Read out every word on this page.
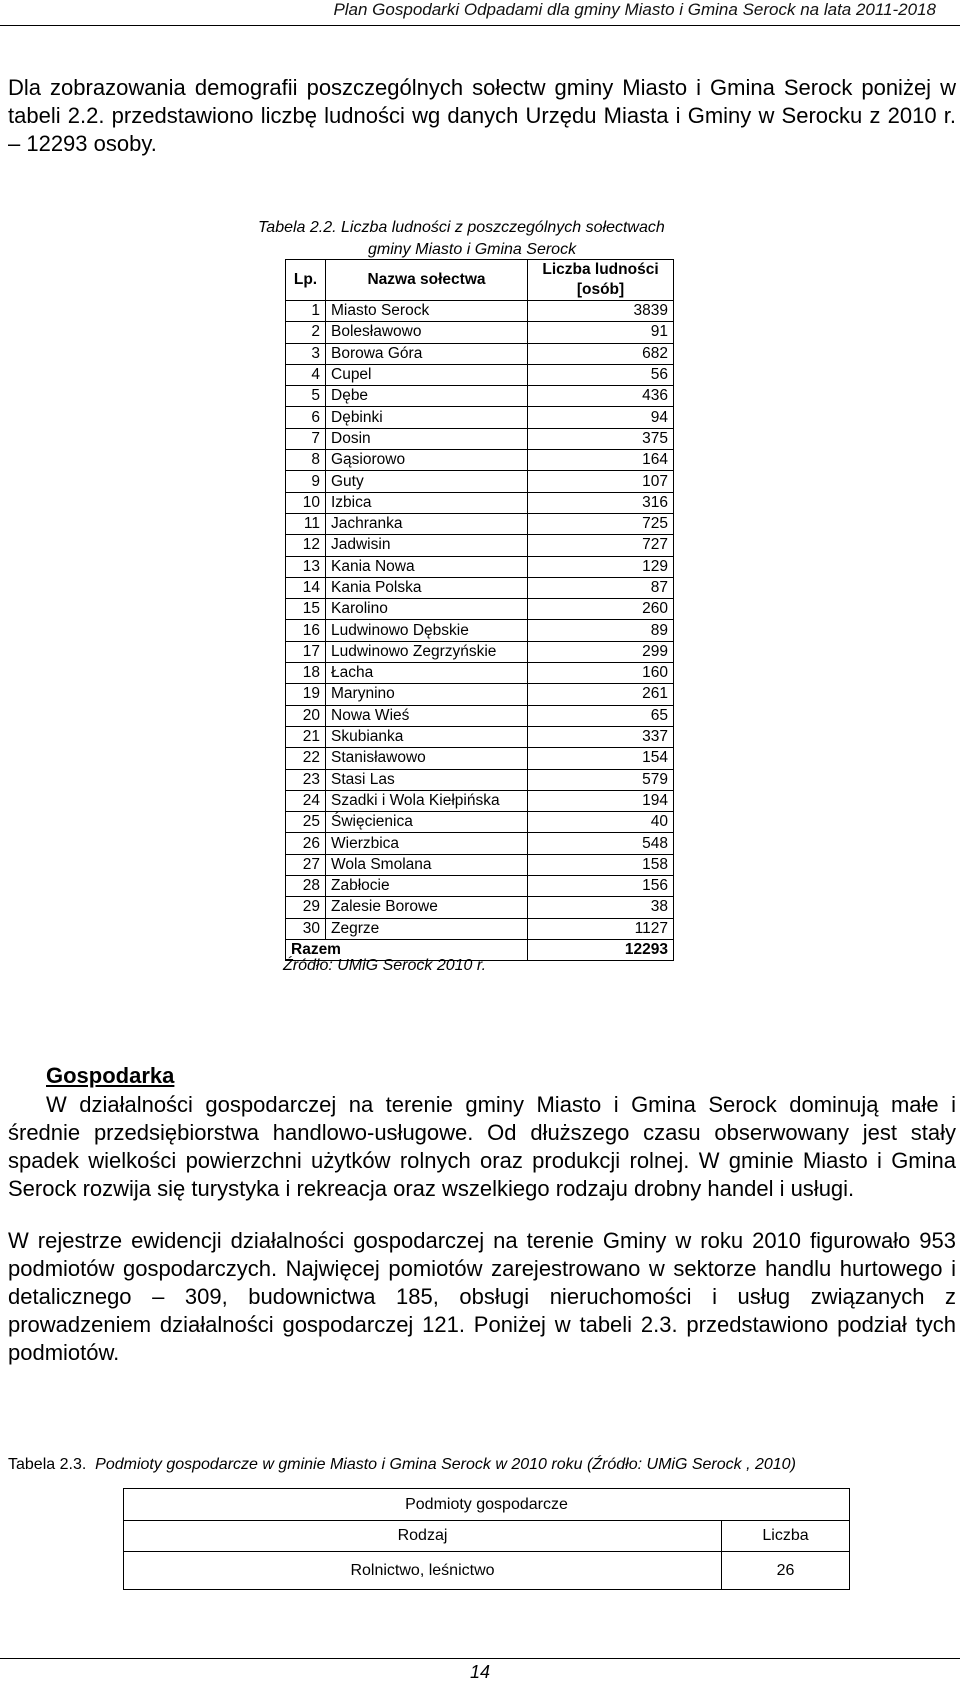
Plan Gospodarki Odpadami dla gminy Miasto i Gmina Serock na lata 2011-2018

Dla zobrazowania demografii poszczególnych sołectw gminy Miasto i Gmina Serock poniżej w tabeli 2.2. przedstawiono liczbę ludności wg danych Urzędu Miasta i Gminy w Serocku z 2010 r. – 12293 osoby.

Tabela 2.2. Liczba ludności z poszczególnych sołectwach
gminy Miasto i Gmina Serock
Lp.	Nazwa sołectwa	Liczba ludności
[osób]
1	Miasto Serock	3839
2	Bolesławowo	91
3	Borowa Góra	682
4	Cupel	56
5	Dębe	436
6	Dębinki	94
7	Dosin	375
8	Gąsiorowo	164
9	Guty	107
10	Izbica	316
11	Jachranka	725
12	Jadwisin	727
13	Kania Nowa	129
14	Kania Polska	87
15	Karolino	260
16	Ludwinowo Dębskie	89
17	Ludwinowo Zegrzyńskie	299
18	Łacha	160
19	Marynino	261
20	Nowa Wieś	65
21	Skubianka	337
22	Stanisławowo	154
23	Stasi Las	579
24	Szadki i Wola Kiełpińska	194
25	Święcienica	40
26	Wierzbica	548
27	Wola Smolana	158
28	Zabłocie	156
29	Zalesie Borowe	38
30	Zegrze	1127
Razem		12293
Źródło: UMiG Serock 2010 r.
Gospodarka

W działalności gospodarczej na terenie gminy Miasto i Gmina Serock dominują małe i średnie przedsiębiorstwa handlowo-usługowe. Od dłuższego czasu obserwowany jest stały spadek wielkości powierzchni użytków rolnych oraz produkcji rolnej. W gminie Miasto i Gmina Serock rozwija się turystyka i rekreacja oraz wszelkiego rodzaju drobny handel i usługi.

W rejestrze ewidencji działalności gospodarczej na terenie Gminy w roku 2010 figurowało 953 podmiotów gospodarczych. Najwięcej pomiotów zarejestrowano w sektorze handlu hurtowego i detalicznego – 309, budownictwa 185, obsługi nieruchomości i usług związanych z prowadzeniem działalności gospodarczej 121. Poniżej w tabeli 2.3. przedstawiono podział tych podmiotów.

Tabela 2.3. Podmioty gospodarcze w gminie Miasto i Gmina Serock w 2010 roku (Źródło: UMiG Serock , 2010)
Podmioty gospodarcze	
Rodzaj	Liczba
Rolnictwo, leśnictwo	26
14
